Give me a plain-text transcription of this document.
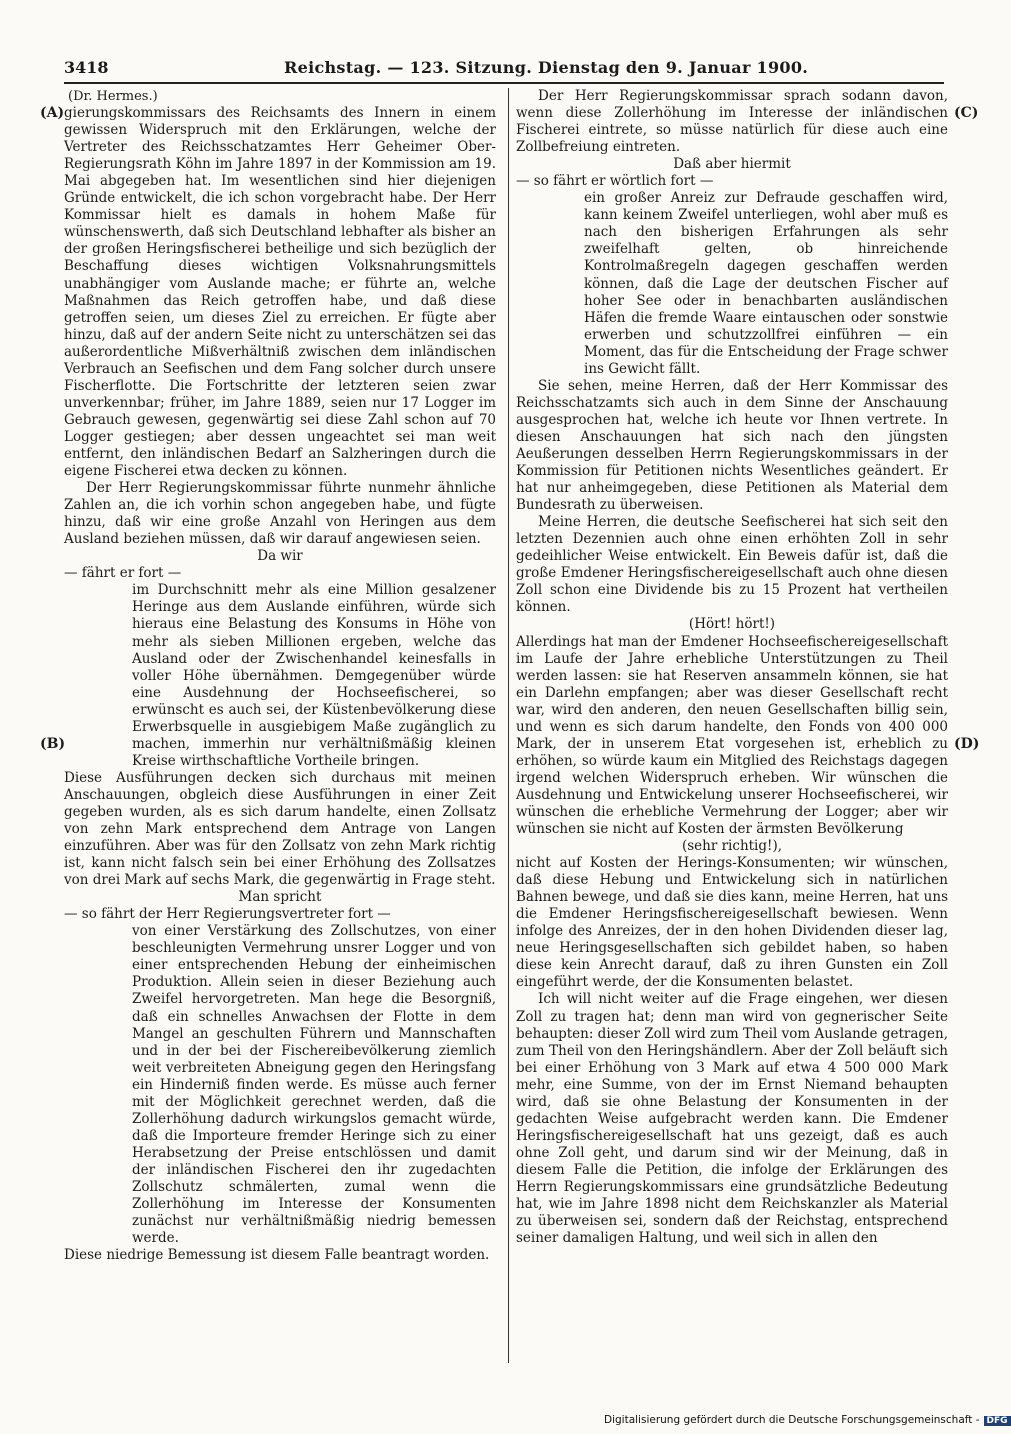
3418	Reichstag. — 123. Sitzung. Dienstag den 9. Januar 1900.
(A)
(B)
(C)
(D)

(Dr. Hermes.)

gierungskommissars des Reichsamts des Innern in einem gewissen Widerspruch mit den Erklärungen, welche der Vertreter des Reichsschatzamtes Herr Geheimer Ober-Regierungsrath Köhn im Jahre 1897 in der Kommission am 19. Mai abgegeben hat. Im wesentlichen sind hier diejenigen Gründe entwickelt, die ich schon vorgebracht habe. Der Herr Kommissar hielt es damals in hohem Maße für wünschenswerth, daß sich Deutschland lebhafter als bisher an der großen Heringsfischerei betheilige und sich bezüglich der Beschaffung dieses wichtigen Volksnahrungsmittels unabhängiger vom Auslande mache; er führte an, welche Maßnahmen das Reich getroffen habe, und daß diese getroffen seien, um dieses Ziel zu erreichen. Er fügte aber hinzu, daß auf der andern Seite nicht zu unterschätzen sei das außerordentliche Mißverhältniß zwischen dem inländischen Verbrauch an Seefischen und dem Fang solcher durch unsere Fischerflotte. Die Fortschritte der letzteren seien zwar unverkennbar; früher, im Jahre 1889, seien nur 17 Logger im Gebrauch gewesen, gegenwärtig sei diese Zahl schon auf 70 Logger gestiegen; aber dessen ungeachtet sei man weit entfernt, den inländischen Bedarf an Salzheringen durch die eigene Fischerei etwa decken zu können.

Der Herr Regierungskommissar führte nunmehr ähnliche Zahlen an, die ich vorhin schon angegeben habe, und fügte hinzu, daß wir eine große Anzahl von Heringen aus dem Ausland beziehen müssen, daß wir darauf angewiesen seien.

Da wir

— fährt er fort —

im Durchschnitt mehr als eine Million gesalzener Heringe aus dem Auslande einführen, würde sich hieraus eine Belastung des Konsums in Höhe von mehr als sieben Millionen ergeben, welche das Ausland oder der Zwischenhandel keinesfalls in voller Höhe übernähmen. Demgegenüber würde eine Ausdehnung der Hochseefischerei, so erwünscht es auch sei, der Küstenbevölkerung diese Erwerbsquelle in ausgiebigem Maße zugänglich zu machen, immerhin nur verhältnißmäßig kleinen Kreise wirthschaftliche Vortheile bringen.

Diese Ausführungen decken sich durchaus mit meinen Anschauungen, obgleich diese Ausführungen in einer Zeit gegeben wurden, als es sich darum handelte, einen Zollsatz von zehn Mark entsprechend dem Antrage von Langen einzuführen. Aber was für den Zollsatz von zehn Mark richtig ist, kann nicht falsch sein bei einer Erhöhung des Zollsatzes von drei Mark auf sechs Mark, die gegenwärtig in Frage steht.

Man spricht

— so fährt der Herr Regierungsvertreter fort —

von einer Verstärkung des Zollschutzes, von einer beschleunigten Vermehrung unsrer Logger und von einer entsprechenden Hebung der einheimischen Produktion. Allein seien in dieser Beziehung auch Zweifel hervorgetreten. Man hege die Besorgniß, daß ein schnelles Anwachsen der Flotte in dem Mangel an geschulten Führern und Mannschaften und in der bei der Fischereibevölkerung ziemlich weit verbreiteten Abneigung gegen den Heringsfang ein Hinderniß finden werde. Es müsse auch ferner mit der Möglichkeit gerechnet werden, daß die Zollerhöhung dadurch wirkungslos gemacht würde, daß die Importeure fremder Heringe sich zu einer Herabsetzung der Preise entschlössen und damit der inländischen Fischerei den ihr zugedachten Zollschutz schmälerten, zumal wenn die Zollerhöhung im Interesse der Konsumenten zunächst nur verhältnißmäßig niedrig bemessen werde.

Diese niedrige Bemessung ist diesem Falle beantragt worden.

Der Herr Regierungskommissar sprach sodann davon, wenn diese Zollerhöhung im Interesse der inländischen Fischerei eintrete, so müsse natürlich für diese auch eine Zollbefreiung eintreten.

Daß aber hiermit

— so fährt er wörtlich fort —

ein großer Anreiz zur Defraude geschaffen wird, kann keinem Zweifel unterliegen, wohl aber muß es nach den bisherigen Erfahrungen als sehr zweifelhaft gelten, ob hinreichende Kontrolmaßregeln dagegen geschaffen werden können, daß die Lage der deutschen Fischer auf hoher See oder in benachbarten ausländischen Häfen die fremde Waare eintauschen oder sonstwie erwerben und schutzzollfrei einführen — ein Moment, das für die Entscheidung der Frage schwer ins Gewicht fällt.

Sie sehen, meine Herren, daß der Herr Kommissar des Reichsschatzamts sich auch in dem Sinne der Anschauung ausgesprochen hat, welche ich heute vor Ihnen vertrete. In diesen Anschauungen hat sich nach den jüngsten Aeußerungen desselben Herrn Regierungskommissars in der Kommission für Petitionen nichts Wesentliches geändert. Er hat nur anheimgegeben, diese Petitionen als Material dem Bundesrath zu überweisen.

Meine Herren, die deutsche Seefischerei hat sich seit den letzten Dezennien auch ohne einen erhöhten Zoll in sehr gedeihlicher Weise entwickelt. Ein Beweis dafür ist, daß die große Emdener Heringsfischereigesellschaft auch ohne diesen Zoll schon eine Dividende bis zu 15 Prozent hat vertheilen können.

(Hört! hört!)

Allerdings hat man der Emdener Hochseefischereigesellschaft im Laufe der Jahre erhebliche Unterstützungen zu Theil werden lassen: sie hat Reserven ansammeln können, sie hat ein Darlehn empfangen; aber was dieser Gesellschaft recht war, wird den anderen, den neuen Gesellschaften billig sein, und wenn es sich darum handelte, den Fonds von 400 000 Mark, der in unserem Etat vorgesehen ist, erheblich zu erhöhen, so würde kaum ein Mitglied des Reichstags dagegen irgend welchen Widerspruch erheben. Wir wünschen die Ausdehnung und Entwickelung unserer Hochseefischerei, wir wünschen die erhebliche Vermehrung der Logger; aber wir wünschen sie nicht auf Kosten der ärmsten Bevölkerung

(sehr richtig!),

nicht auf Kosten der Herings-Konsumenten; wir wünschen, daß diese Hebung und Entwickelung sich in natürlichen Bahnen bewege, und daß sie dies kann, meine Herren, hat uns die Emdener Heringsfischereigesellschaft bewiesen. Wenn infolge des Anreizes, der in den hohen Dividenden dieser lag, neue Heringsgesellschaften sich gebildet haben, so haben diese kein Anrecht darauf, daß zu ihren Gunsten ein Zoll eingeführt werde, der die Konsumenten belastet.

Ich will nicht weiter auf die Frage eingehen, wer diesen Zoll zu tragen hat; denn man wird von gegnerischer Seite behaupten: dieser Zoll wird zum Theil vom Auslande getragen, zum Theil von den Heringshändlern. Aber der Zoll beläuft sich bei einer Erhöhung von 3 Mark auf etwa 4 500 000 Mark mehr, eine Summe, von der im Ernst Niemand behaupten wird, daß sie ohne Belastung der Konsumenten in der gedachten Weise aufgebracht werden kann. Die Emdener Heringsfischereigesellschaft hat uns gezeigt, daß es auch ohne Zoll geht, und darum sind wir der Meinung, daß in diesem Falle die Petition, die infolge der Erklärungen des Herrn Regierungskommissars eine grundsätzliche Bedeutung hat, wie im Jahre 1898 nicht dem Reichskanzler als Material zu überweisen sei, sondern daß der Reichstag, entsprechend seiner damaligen Haltung, und weil sich in allen den

Digitalisierung gefördert durch die Deutsche Forschungsgemeinschaft - DFG
